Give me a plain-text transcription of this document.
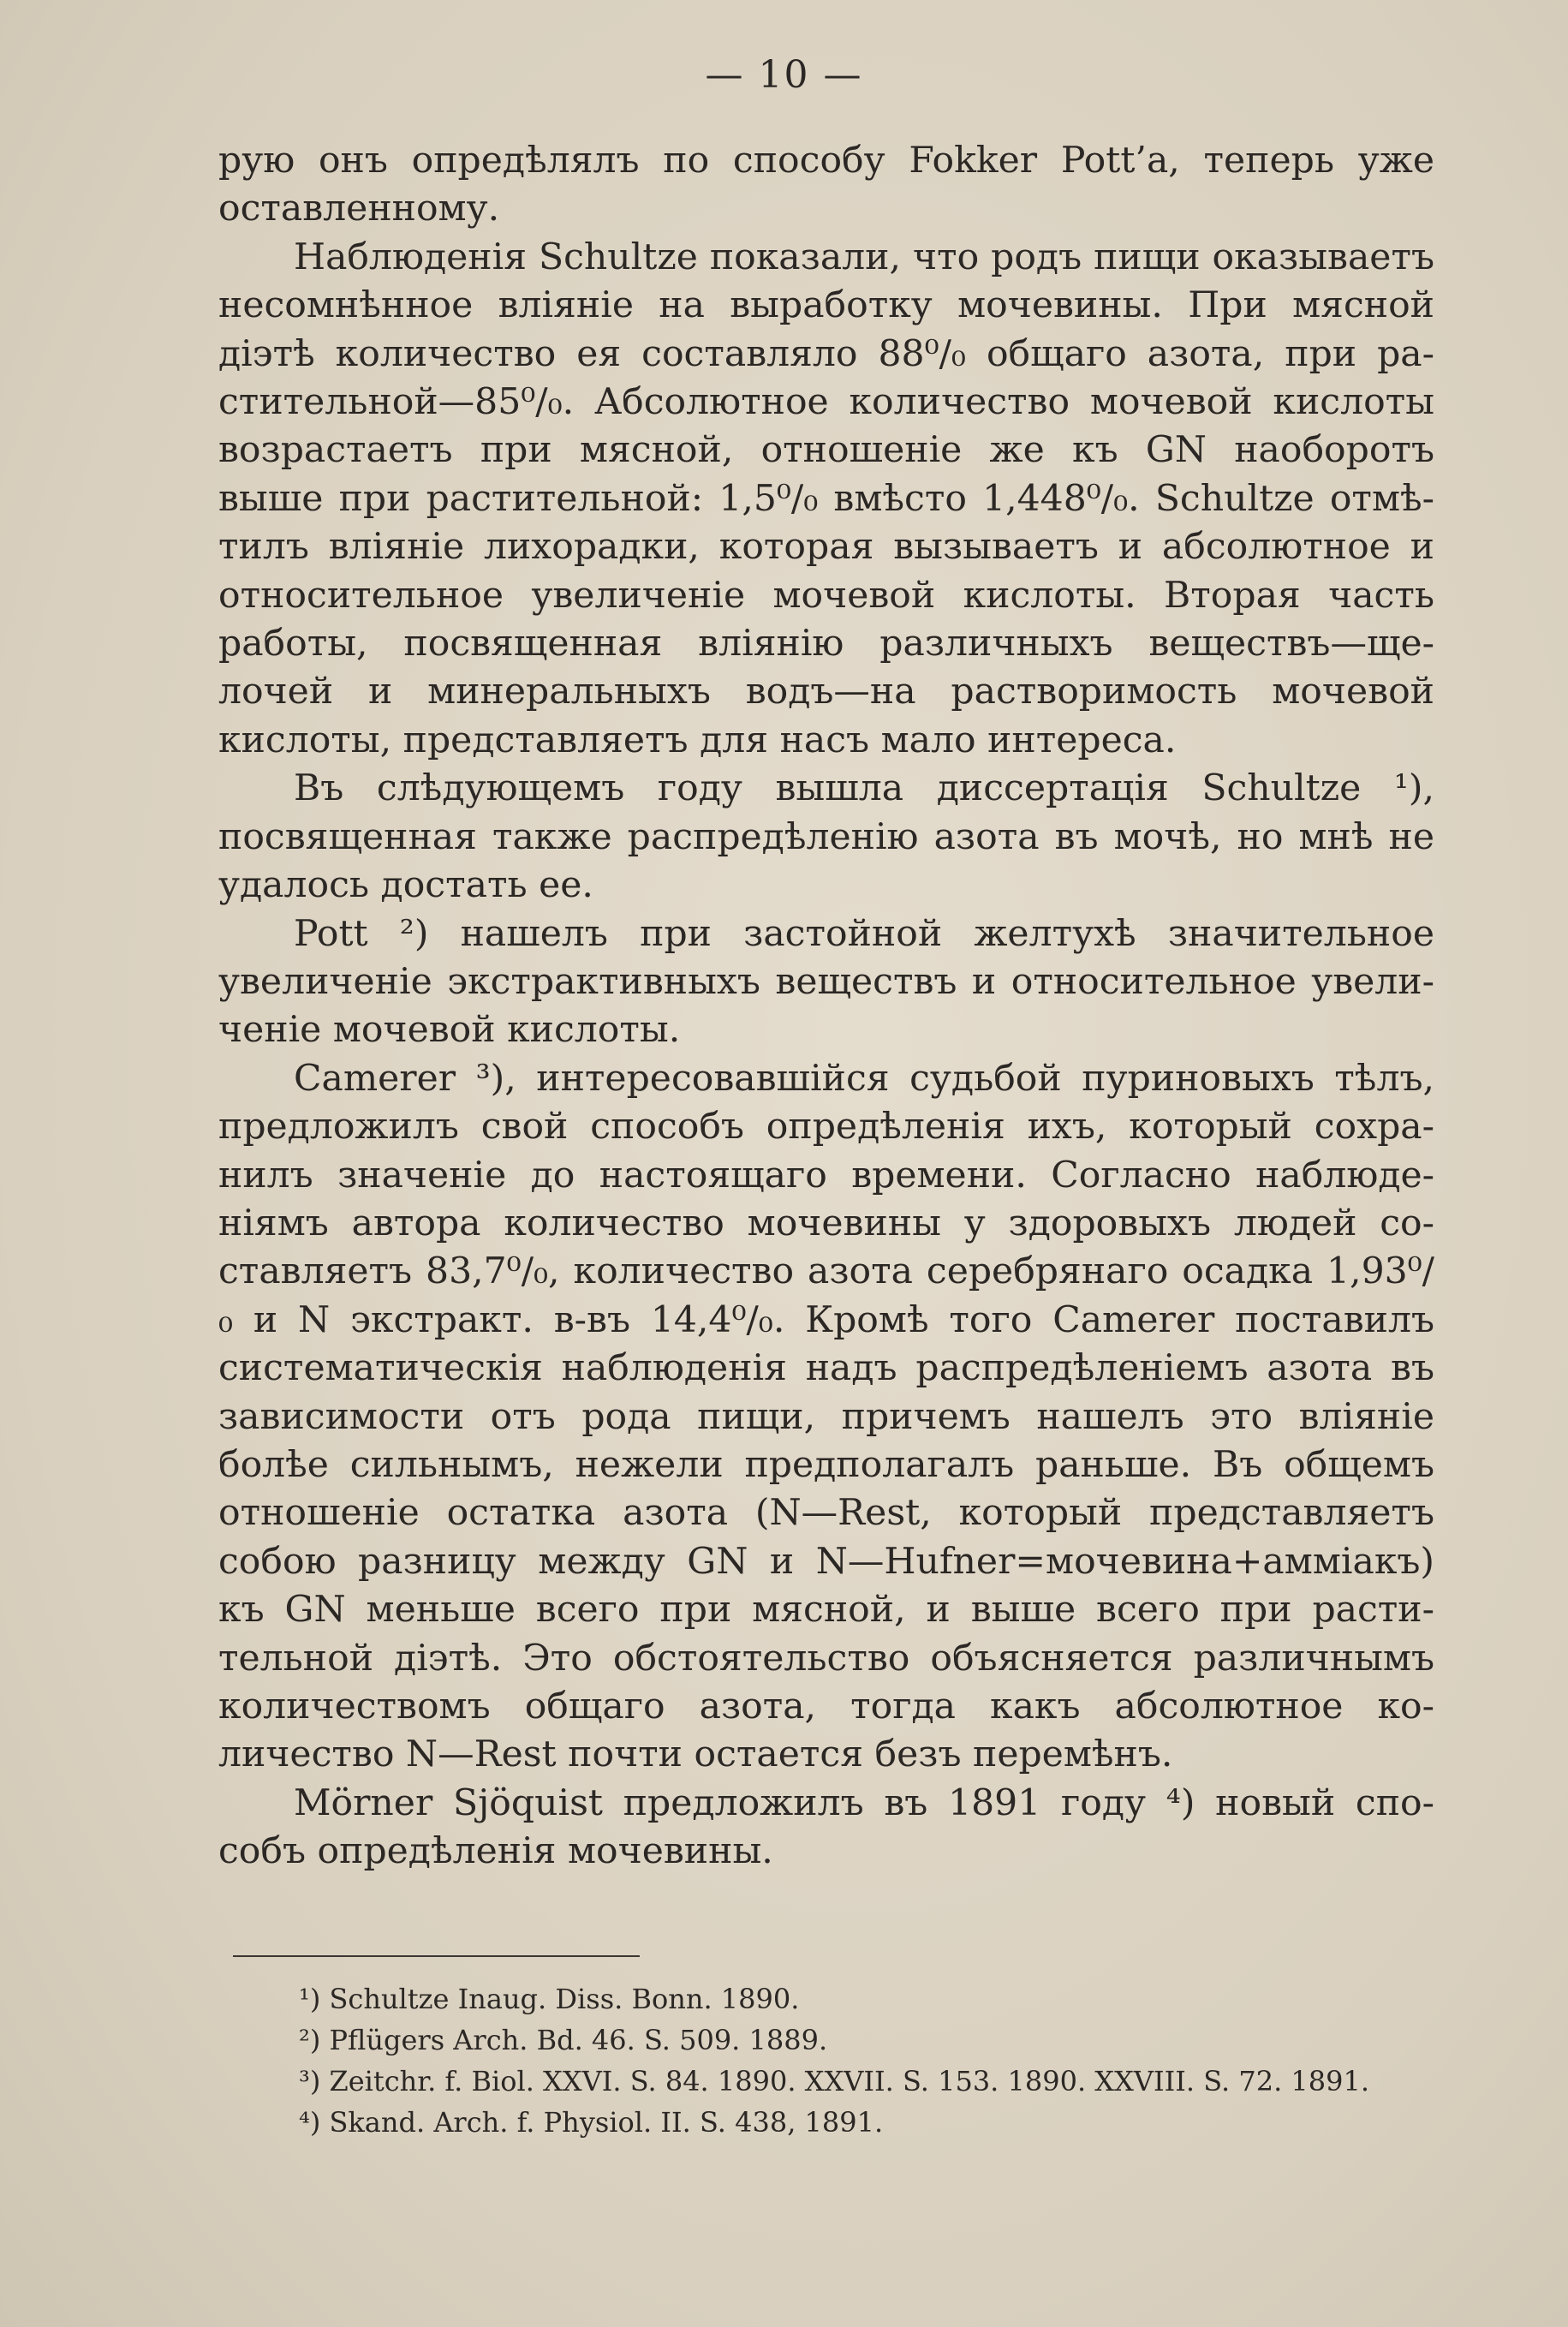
— 10 —

рую онъ опредѣлялъ по способу Fokker Pott’a, теперь уже оставленному.

Наблюденія Schultze показали, что родъ пищи оказываетъ несомнѣнное вліяніе на выработку мочевины. При мясной діэтѣ количество ея составляло 88⁰/₀ общаго азота, при ра- стительной—85⁰/₀. Абсолютное количество мочевой кислоты возрастаетъ при мясной, отношеніе же къ GN наоборотъ выше при растительной: 1,5⁰/₀ вмѣсто 1,448⁰/₀. Schultze отмѣ- тилъ вліяніе лихорадки, которая вызываетъ и абсолютное и относительное увеличеніе мочевой кислоты. Вторая часть работы, посвященная вліянію различныхъ веществъ—ще- лочей и минеральныхъ водъ—на растворимость мочевой кислоты, представляетъ для насъ мало интереса.

Въ слѣдующемъ году вышла диссертація Schultze ¹), посвященная также распредѣленію азота въ мочѣ, но мнѣ не удалось достать ее.

Pott ²) нашелъ при застойной желтухѣ значительное увеличеніе экстрактивныхъ веществъ и относительное увели- ченіе мочевой кислоты.

Camerer ³), интересовавшійся судьбой пуриновыхъ тѣлъ, предложилъ свой способъ опредѣленія ихъ, который сохра- нилъ значеніе до настоящаго времени. Согласно наблюде- ніямъ автора количество мочевины у здоровыхъ людей со- ставляетъ 83,7⁰/₀, количество азота серебрянаго осадка 1,93⁰/₀ и N экстракт. в-въ 14,4⁰/₀. Кромѣ того Camerer поставилъ систематическія наблюденія надъ распредѣленіемъ азота въ зависимости отъ рода пищи, причемъ нашелъ это вліяніе болѣе сильнымъ, нежели предполагалъ раньше. Въ общемъ отношеніе остатка азота (N—Rest, который представляетъ собою разницу между GN и N—Hufner=мочевина+аммiакъ) къ GN меньше всего при мясной, и выше всего при расти- тельной діэтѣ. Это обстоятельство объясняется различнымъ количествомъ общаго азота, тогда какъ абсолютное ко- личество N—Rest почти остается безъ перемѣнъ.

Mörner Sjöquist предложилъ въ 1891 году ⁴) новый спо- собъ опредѣленія мочевины.

¹) Schultze Inaug. Diss. Bonn. 1890.

²) Pflügers Arch. Bd. 46. S. 509. 1889.

³) Zeitchr. f. Biol. XXVI. S. 84. 1890. XXVII. S. 153. 1890. XXVIII. S. 72. 1891.

⁴) Skand. Arch. f. Physiol. II. S. 438, 1891.
